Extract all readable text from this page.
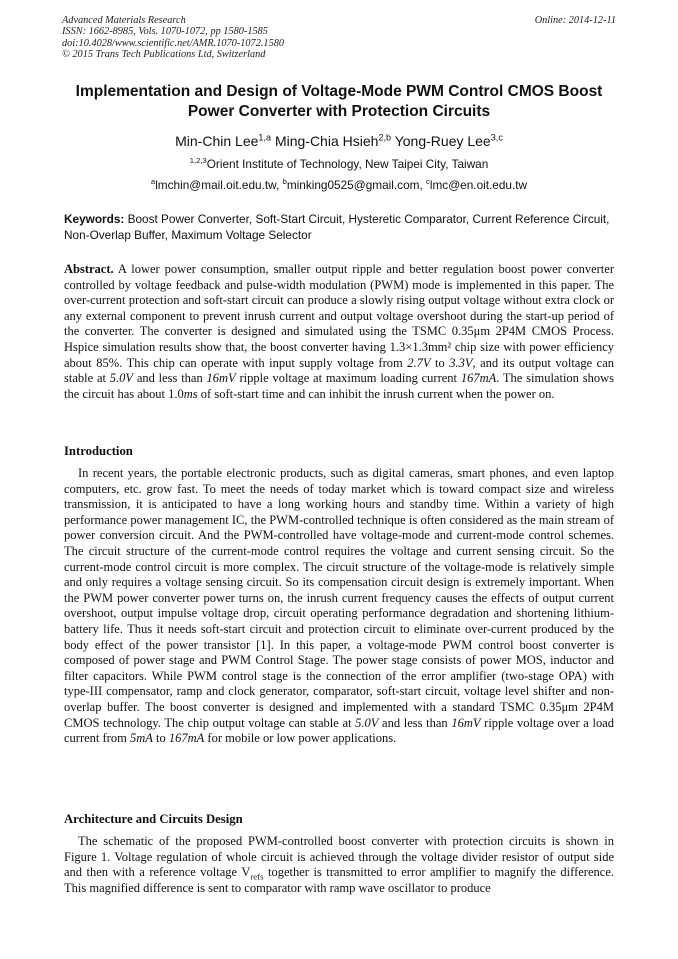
Advanced Materials Research
ISSN: 1662-8985, Vols. 1070-1072, pp 1580-1585
doi:10.4028/www.scientific.net/AMR.1070-1072.1580
© 2015 Trans Tech Publications Ltd, Switzerland
Online: 2014-12-11
Implementation and Design of Voltage-Mode PWM Control CMOS Boost
Power Converter with Protection Circuits
Min-Chin Lee$^{1,a}$ Ming-Chia Hsieh$^{2,b}$ Yong-Ruey Lee$^{3,c}$
$^{1,2,3}$Orient Institute of Technology, New Taipei City, Taiwan
$^a$lmchin@mail.oit.edu.tw, $^b$minking0525@gmail.com, $^c$lmc@en.oit.edu.tw
Keywords: Boost Power Converter, Soft-Start Circuit, Hysteretic Comparator, Current Reference Circuit, Non-Overlap Buffer, Maximum Voltage Selector
Abstract. A lower power consumption, smaller output ripple and better regulation boost power converter controlled by voltage feedback and pulse-width modulation (PWM) mode is implemented in this paper. The over-current protection and soft-start circuit can produce a slowly rising output voltage without extra clock or any external component to prevent inrush current and output voltage overshoot during the start-up period of the converter. The converter is designed and simulated using the TSMC 0.35μm 2P4M CMOS Process. Hspice simulation results show that, the boost converter having 1.3×1.3mm² chip size with power efficiency about 85%. This chip can operate with input supply voltage from 2.7V to 3.3V, and its output voltage can stable at 5.0V and less than 16mV ripple voltage at maximum loading current 167mA. The simulation shows the circuit has about 1.0ms of soft-start time and can inhibit the inrush current when the power on.
Introduction
In recent years, the portable electronic products, such as digital cameras, smart phones, and even laptop computers, etc. grow fast. To meet the needs of today market which is toward compact size and wireless transmission, it is anticipated to have a long working hours and standby time. Within a variety of high performance power management IC, the PWM-controlled technique is often considered as the main stream of power conversion circuit. And the PWM-controlled have voltage-mode and current-mode control schemes. The circuit structure of the current-mode control requires the voltage and current sensing circuit. So the current-mode control circuit is more complex. The circuit structure of the voltage-mode is relatively simple and only requires a voltage sensing circuit. So its compensation circuit design is extremely important. When the PWM power converter power turns on, the inrush current frequency causes the effects of output current overshoot, output impulse voltage drop, circuit operating performance degradation and shortening lithium-battery life. Thus it needs soft-start circuit and protection circuit to eliminate over-current produced by the body effect of the power transistor [1]. In this paper, a voltage-mode PWM control boost converter is composed of power stage and PWM Control Stage. The power stage consists of power MOS, inductor and filter capacitors. While PWM control stage is the connection of the error amplifier (two-stage OPA) with type-III compensator, ramp and clock generator, comparator, soft-start circuit, voltage level shifter and non-overlap buffer. The boost converter is designed and implemented with a standard TSMC 0.35μm 2P4M CMOS technology. The chip output voltage can stable at 5.0V and less than 16mV ripple voltage over a load current from 5mA to 167mA for mobile or low power applications.
Architecture and Circuits Design
The schematic of the proposed PWM-controlled boost converter with protection circuits is shown in Figure 1. Voltage regulation of whole circuit is achieved through the voltage divider resistor of output side and then with a reference voltage $V_{refs}$ together is transmitted to error amplifier to magnify the difference. This magnified difference is sent to comparator with ramp wave oscillator to produce
